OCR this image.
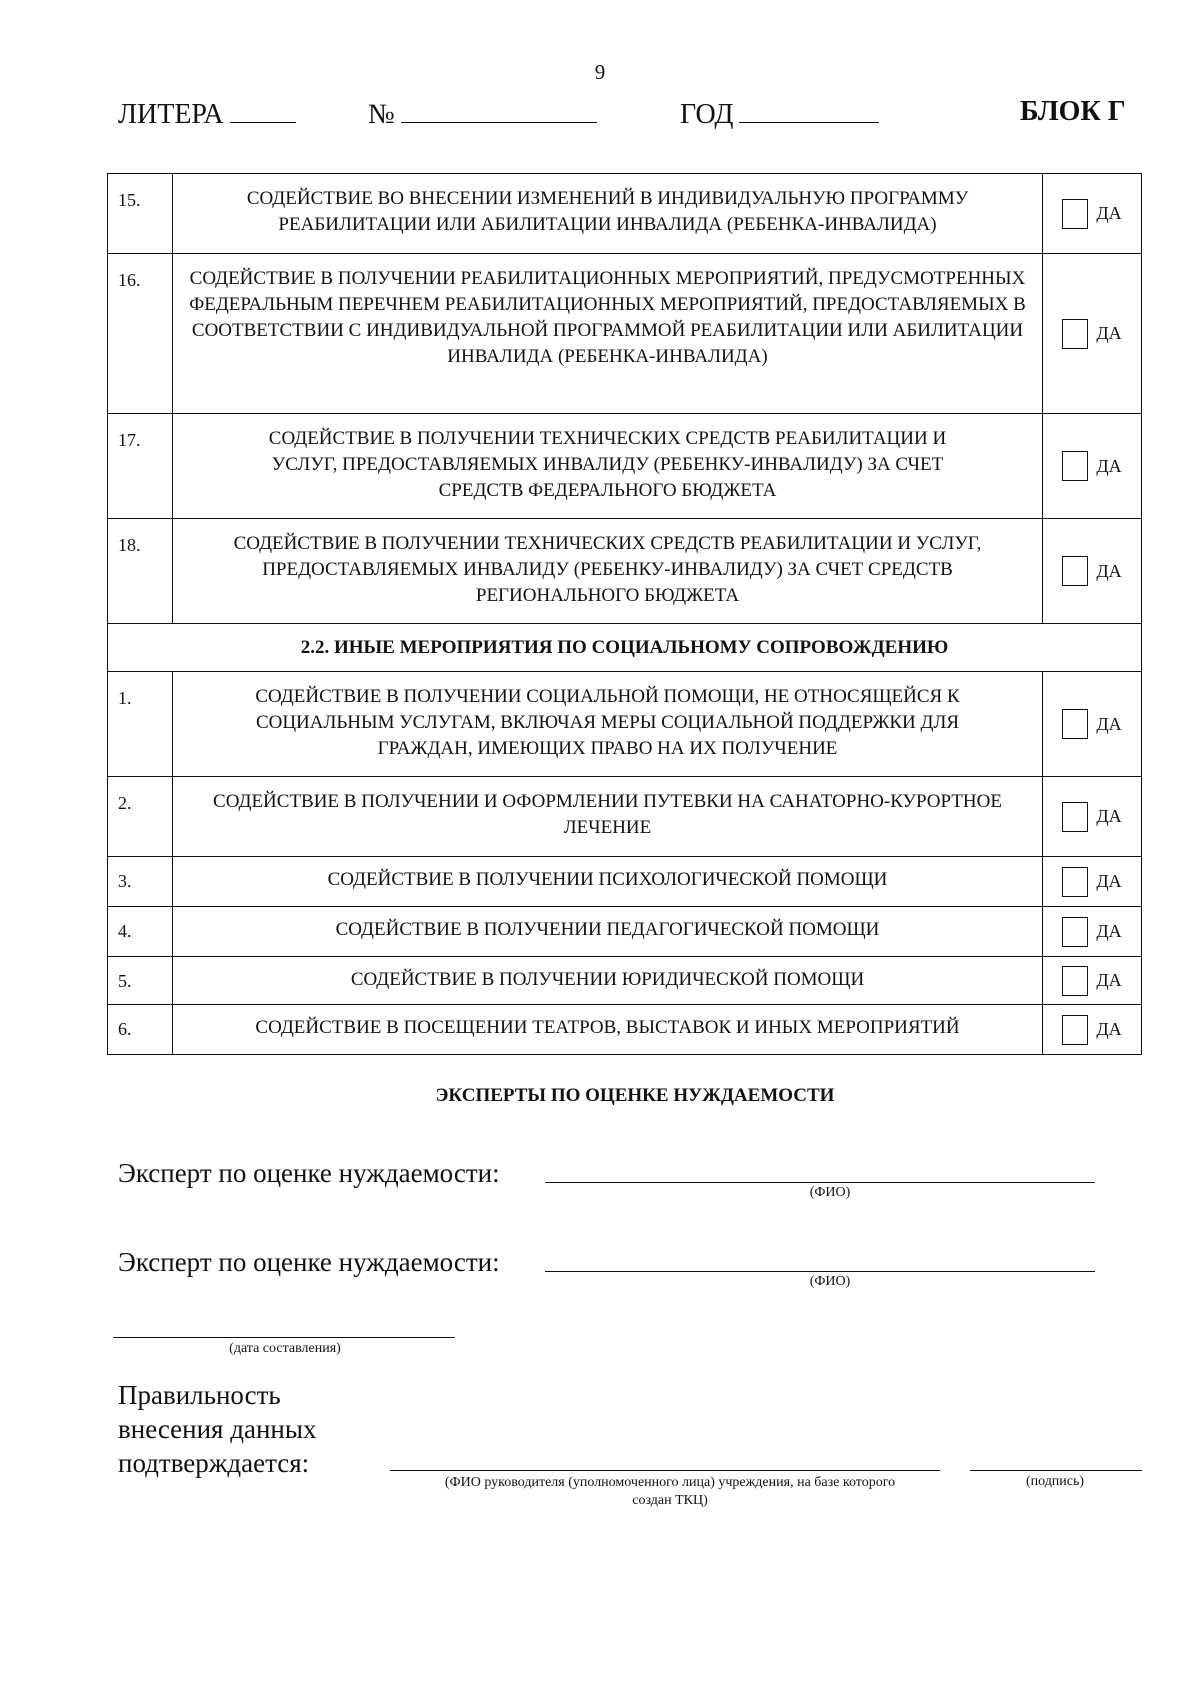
9
ЛИТЕРА	№	ГОД	БЛОК Г
15.	СОДЕЙСТВИЕ ВО ВНЕСЕНИИ ИЗМЕНЕНИЙ В ИНДИВИДУАЛЬНУЮ ПРОГРАММУ РЕАБИЛИТАЦИИ ИЛИ АБИЛИТАЦИИ ИНВАЛИДА (РЕБЕНКА-ИНВАЛИДА)	ДА

16.	СОДЕЙСТВИЕ В ПОЛУЧЕНИИ РЕАБИЛИТАЦИОННЫХ МЕРОПРИЯТИЙ, ПРЕДУСМОТРЕННЫХ ФЕДЕРАЛЬНЫМ ПЕРЕЧНЕМ РЕАБИЛИТАЦИОННЫХ МЕРОПРИЯТИЙ, ПРЕДОСТАВЛЯЕМЫХ В СООТВЕТСТВИИ С ИНДИВИДУАЛЬНОЙ ПРОГРАММОЙ РЕАБИЛИТАЦИИ ИЛИ АБИЛИТАЦИИ ИНВАЛИДА (РЕБЕНКА-ИНВАЛИДА)	ДА

17.	СОДЕЙСТВИЕ В ПОЛУЧЕНИИ ТЕХНИЧЕСКИХ СРЕДСТВ РЕАБИЛИТАЦИИ И УСЛУГ, ПРЕДОСТАВЛЯЕМЫХ ИНВАЛИДУ (РЕБЕНКУ-ИНВАЛИДУ) ЗА СЧЕТ СРЕДСТВ ФЕДЕРАЛЬНОГО БЮДЖЕТА	ДА

18.	СОДЕЙСТВИЕ В ПОЛУЧЕНИИ ТЕХНИЧЕСКИХ СРЕДСТВ РЕАБИЛИТАЦИИ И УСЛУГ, ПРЕДОСТАВЛЯЕМЫХ ИНВАЛИДУ (РЕБЕНКУ-ИНВАЛИДУ) ЗА СЧЕТ СРЕДСТВ РЕГИОНАЛЬНОГО БЮДЖЕТА	ДА

2.2. ИНЫЕ МЕРОПРИЯТИЯ ПО СОЦИАЛЬНОМУ СОПРОВОЖДЕНИЮ		
1.	СОДЕЙСТВИЕ В ПОЛУЧЕНИИ СОЦИАЛЬНОЙ ПОМОЩИ, НЕ ОТНОСЯЩЕЙСЯ К СОЦИАЛЬНЫМ УСЛУГАМ, ВКЛЮЧАЯ МЕРЫ СОЦИАЛЬНОЙ ПОДДЕРЖКИ ДЛЯ ГРАЖДАН, ИМЕЮЩИХ ПРАВО НА ИХ ПОЛУЧЕНИЕ	ДА

2.	СОДЕЙСТВИЕ В ПОЛУЧЕНИИ И ОФОРМЛЕНИИ ПУТЕВКИ НА САНАТОРНО-КУРОРТНОЕ ЛЕЧЕНИЕ	ДА

3.	СОДЕЙСТВИЕ В ПОЛУЧЕНИИ ПСИХОЛОГИЧЕСКОЙ ПОМОЩИ	ДА

4.	СОДЕЙСТВИЕ В ПОЛУЧЕНИИ ПЕДАГОГИЧЕСКОЙ ПОМОЩИ	ДА

5.	СОДЕЙСТВИЕ В ПОЛУЧЕНИИ ЮРИДИЧЕСКОЙ ПОМОЩИ	ДА

6.	СОДЕЙСТВИЕ В ПОСЕЩЕНИИ ТЕАТРОВ, ВЫСТАВОК И ИНЫХ МЕРОПРИЯТИЙ	ДА
ЭКСПЕРТЫ ПО ОЦЕНКЕ НУЖДАЕМОСТИ
Эксперт по оценке нуждаемости:
(ФИО)
Эксперт по оценке нуждаемости:
(ФИО)
(дата составления)
Правильность
внесения данных
подтверждается:
(ФИО руководителя (уполномоченного лица) учреждения, на базе которого
создан ТКЦ)
(подпись)
